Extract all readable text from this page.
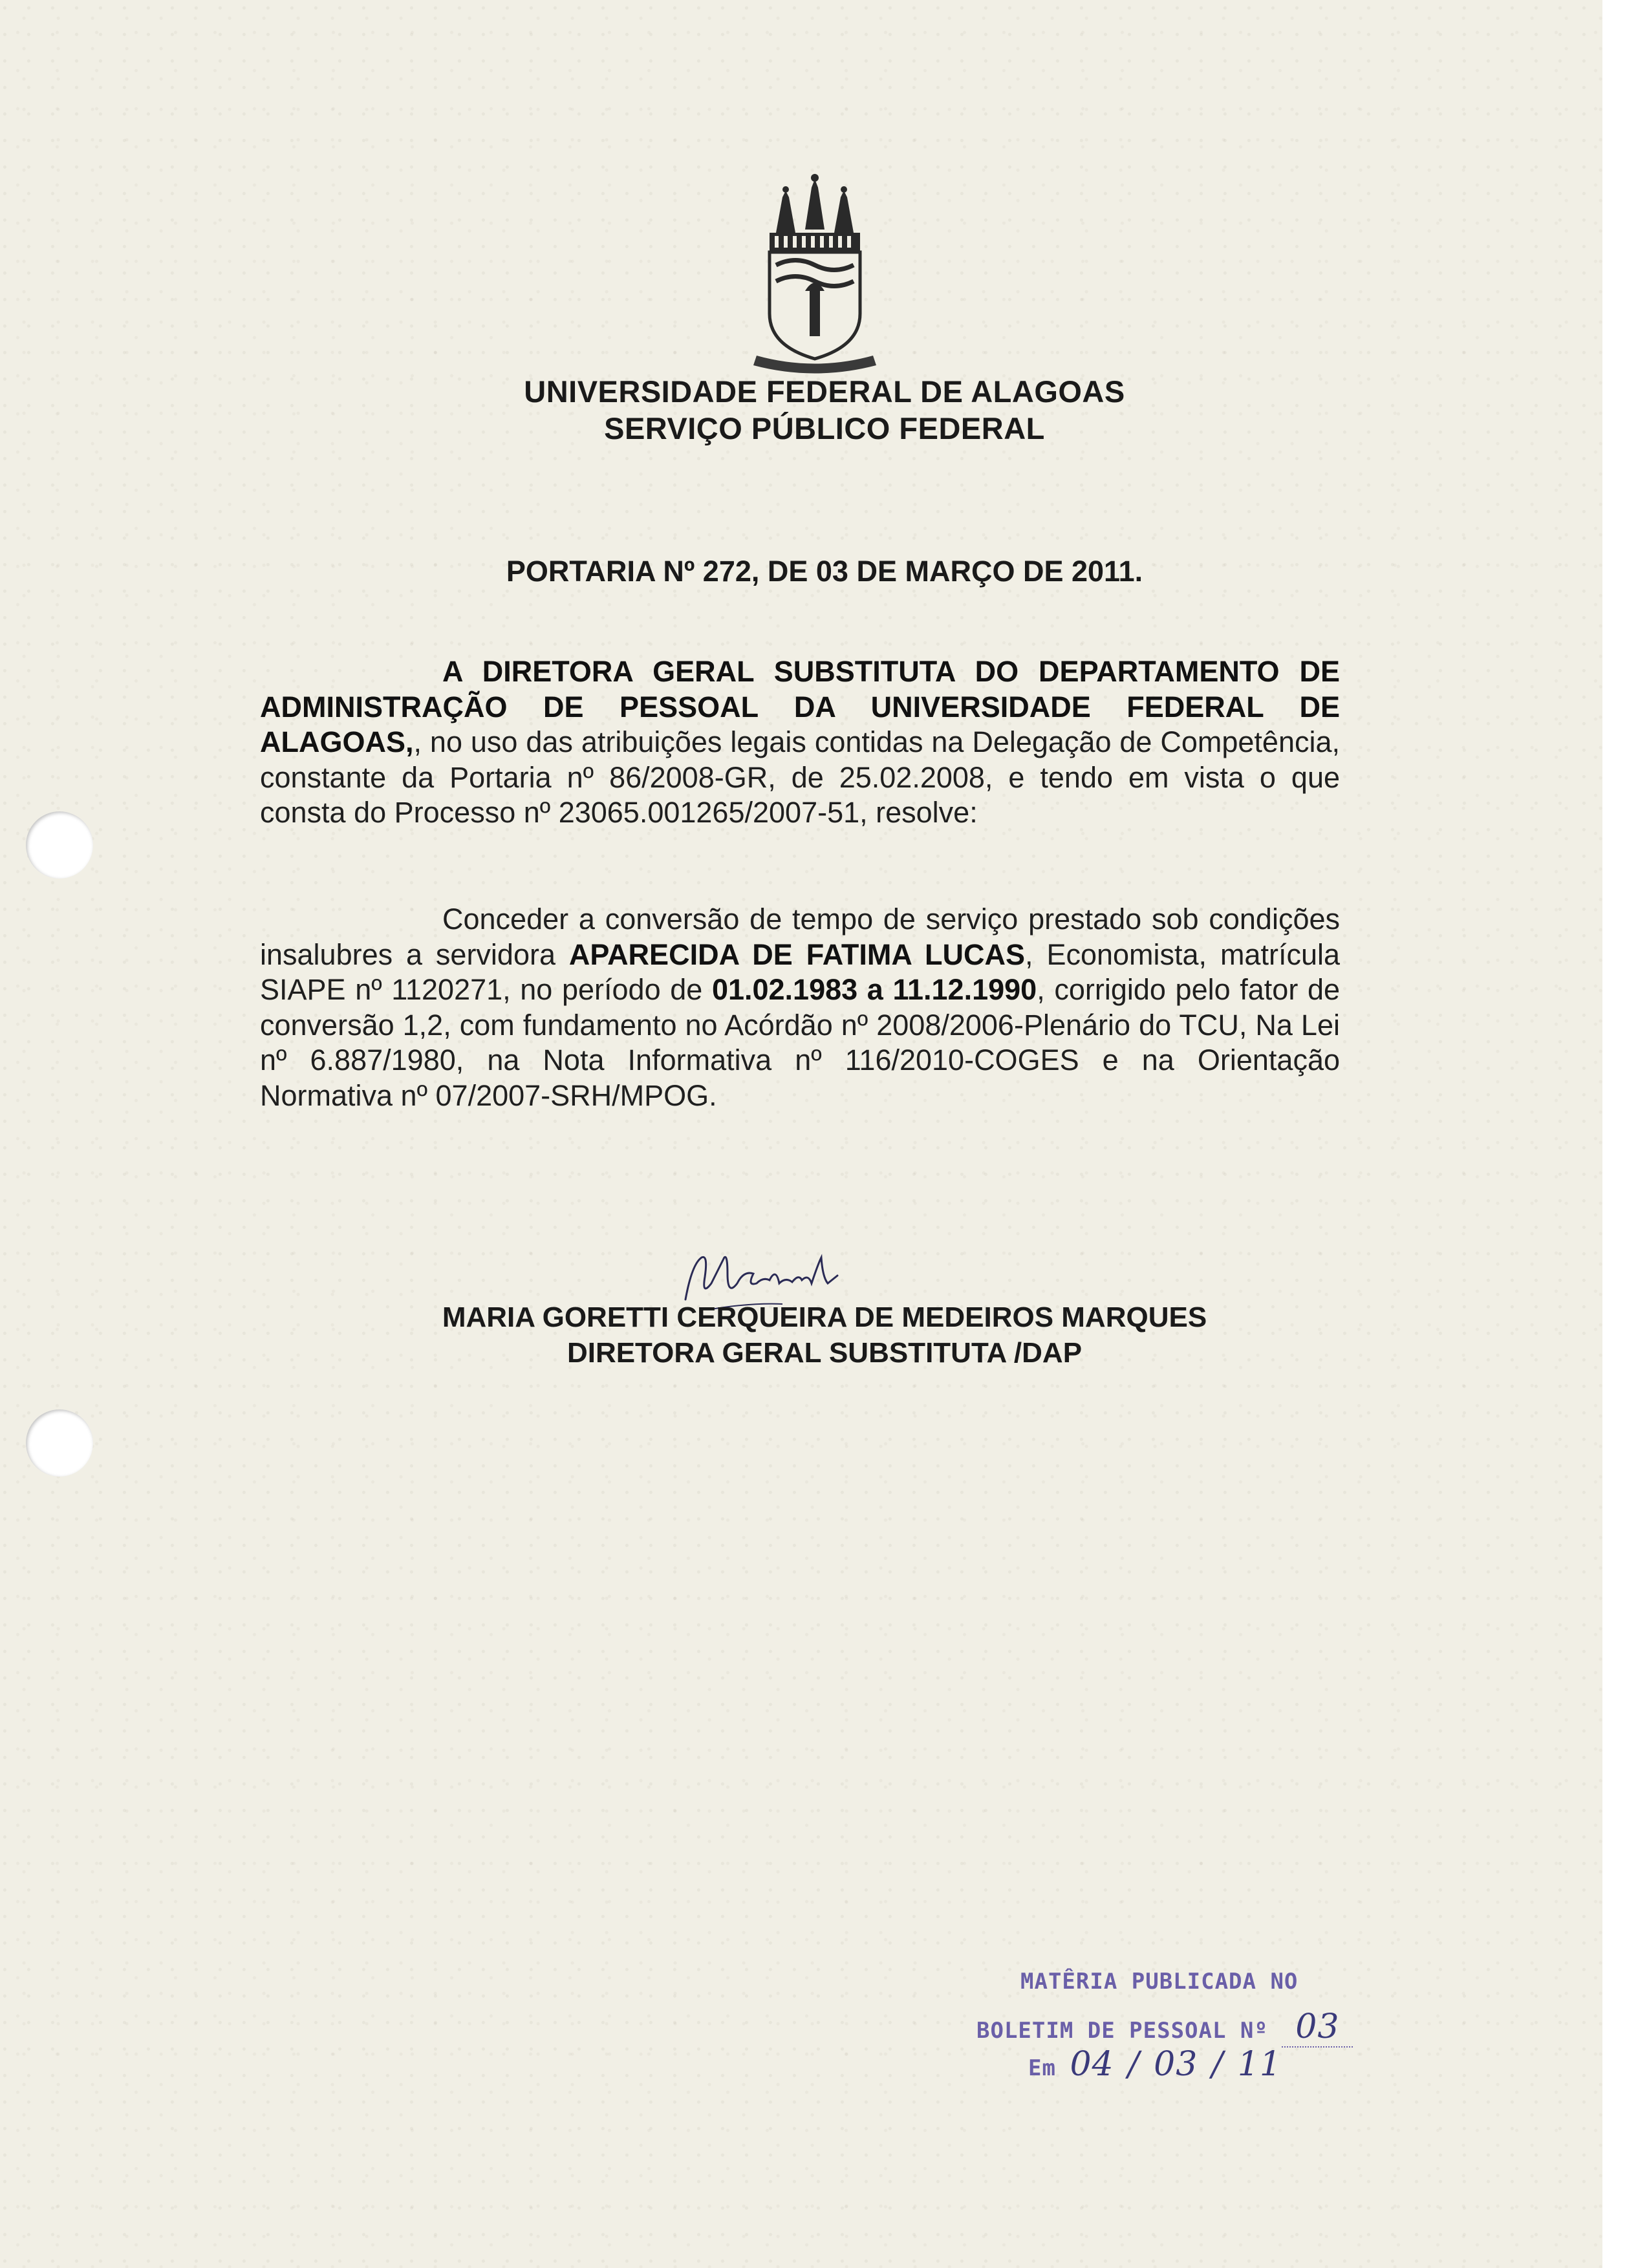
UNIVERSIDADE FEDERAL DE ALAGOAS
SERVIÇO PÚBLICO FEDERAL
PORTARIA Nº 272, DE 03 DE MARÇO DE 2011.

A DIRETORA GERAL SUBSTITUTA DO DEPARTAMENTO DE ADMINISTRAÇÃO DE PESSOAL DA UNIVERSIDADE FEDERAL DE ALAGOAS,, no uso das atribuições legais contidas na Delegação de Competência, constante da Portaria nº 86/2008-GR, de 25.02.2008, e tendo em vista o que consta do Processo nº 23065.001265/2007-51, resolve:

Conceder a conversão de tempo de serviço prestado sob condições insalubres a servidora APARECIDA DE FATIMA LUCAS, Economista, matrícula SIAPE nº 1120271, no período de 01.02.1983 a 11.12.1990, corrigido pelo fator de conversão 1,2, com fundamento no Acórdão nº 2008/2006-Plenário do TCU, Na Lei nº 6.887/1980, na Nota Informativa nº 116/2010-COGES e na Orientação Normativa nº 07/2007-SRH/MPOG.

MGoretti
MARIA GORETTI CERQUEIRA DE MEDEIROS MARQUES
DIRETORA GERAL SUBSTITUTA /DAP
MATÊRIA PUBLICADA NO
BOLETIM DE PESSOAL Nº 03
Em 04 / 03 / 11
